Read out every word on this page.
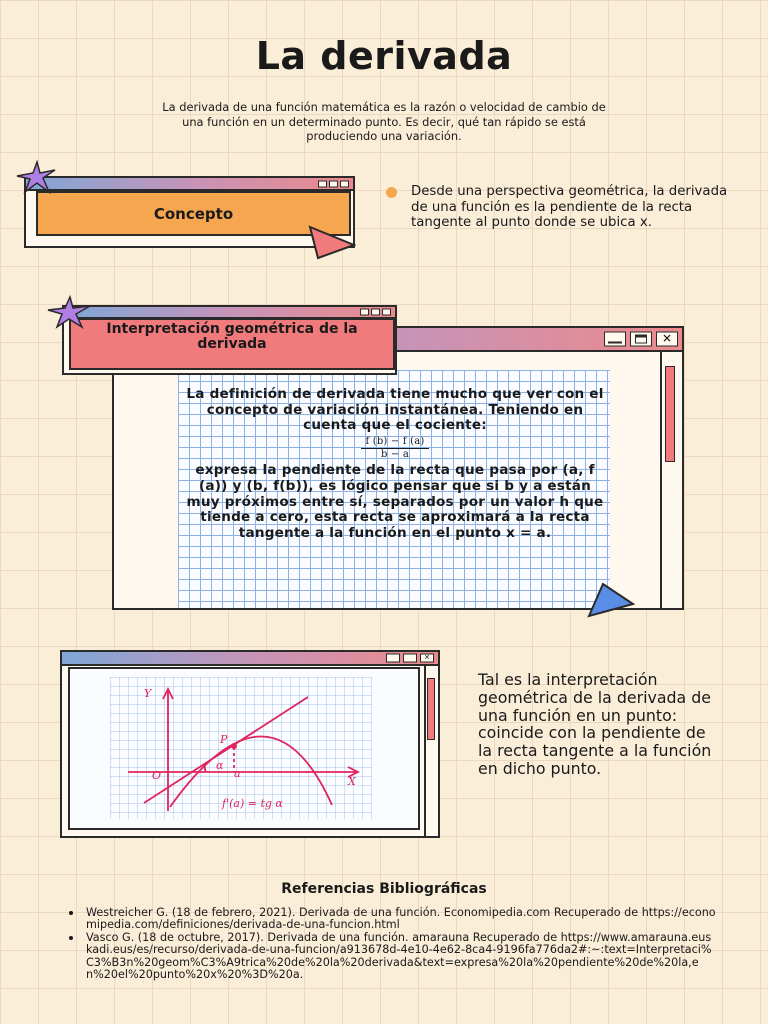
La derivada
La derivada de una función matemática es la razón o velocidad de cambio de una función en un determinado punto. Es decir, qué tan rápido se está produciendo una variación.
Concepto
Desde una perspectiva geométrica, la derivada de una función es la pendiente de la recta tangente al punto donde se ubica x.
✕
Interpretación geométrica de la derivada
La definición de derivada tiene mucho que ver con el concepto de variación instantánea. Teniendo en cuenta que el cociente:
$\frac{f (b) - f (a)}{b - a}$
expresa la pendiente de la recta que pasa por (a, f (a)) y (b, f(b)), es lógico pensar que si b y a están muy próximos entre sí, separados por un valor h que tiende a cero, esta recta se aproximará a la recta tangente a la función en el punto x = a.
✕
Y
X
O
P
α
a
f'(a) = tg α
Tal es la interpretación geométrica de la derivada de una función en un punto: coincide con la pendiente de la recta tangente a la función en dicho punto.
Referencias Bibliográficas
Westreicher G. (18 de febrero, 2021). Derivada de una función. Economipedia.com Recuperado de https://economipedia.com/definiciones/derivada-de-una-funcion.html
Vasco G. (18 de octubre, 2017). Derivada de una función. amarauna Recuperado de https://www.amarauna.euskadi.eus/es/recurso/derivada-de-una-funcion/a913678d-4e10-4e62-8ca4-9196fa776da2#:~:text=Interpretaci%C3%B3n%20geom%C3%A9trica%20de%20la%20derivada&text=expresa%20la%20pendiente%20de%20la,en%20el%20punto%20x%20%3D%20a.
